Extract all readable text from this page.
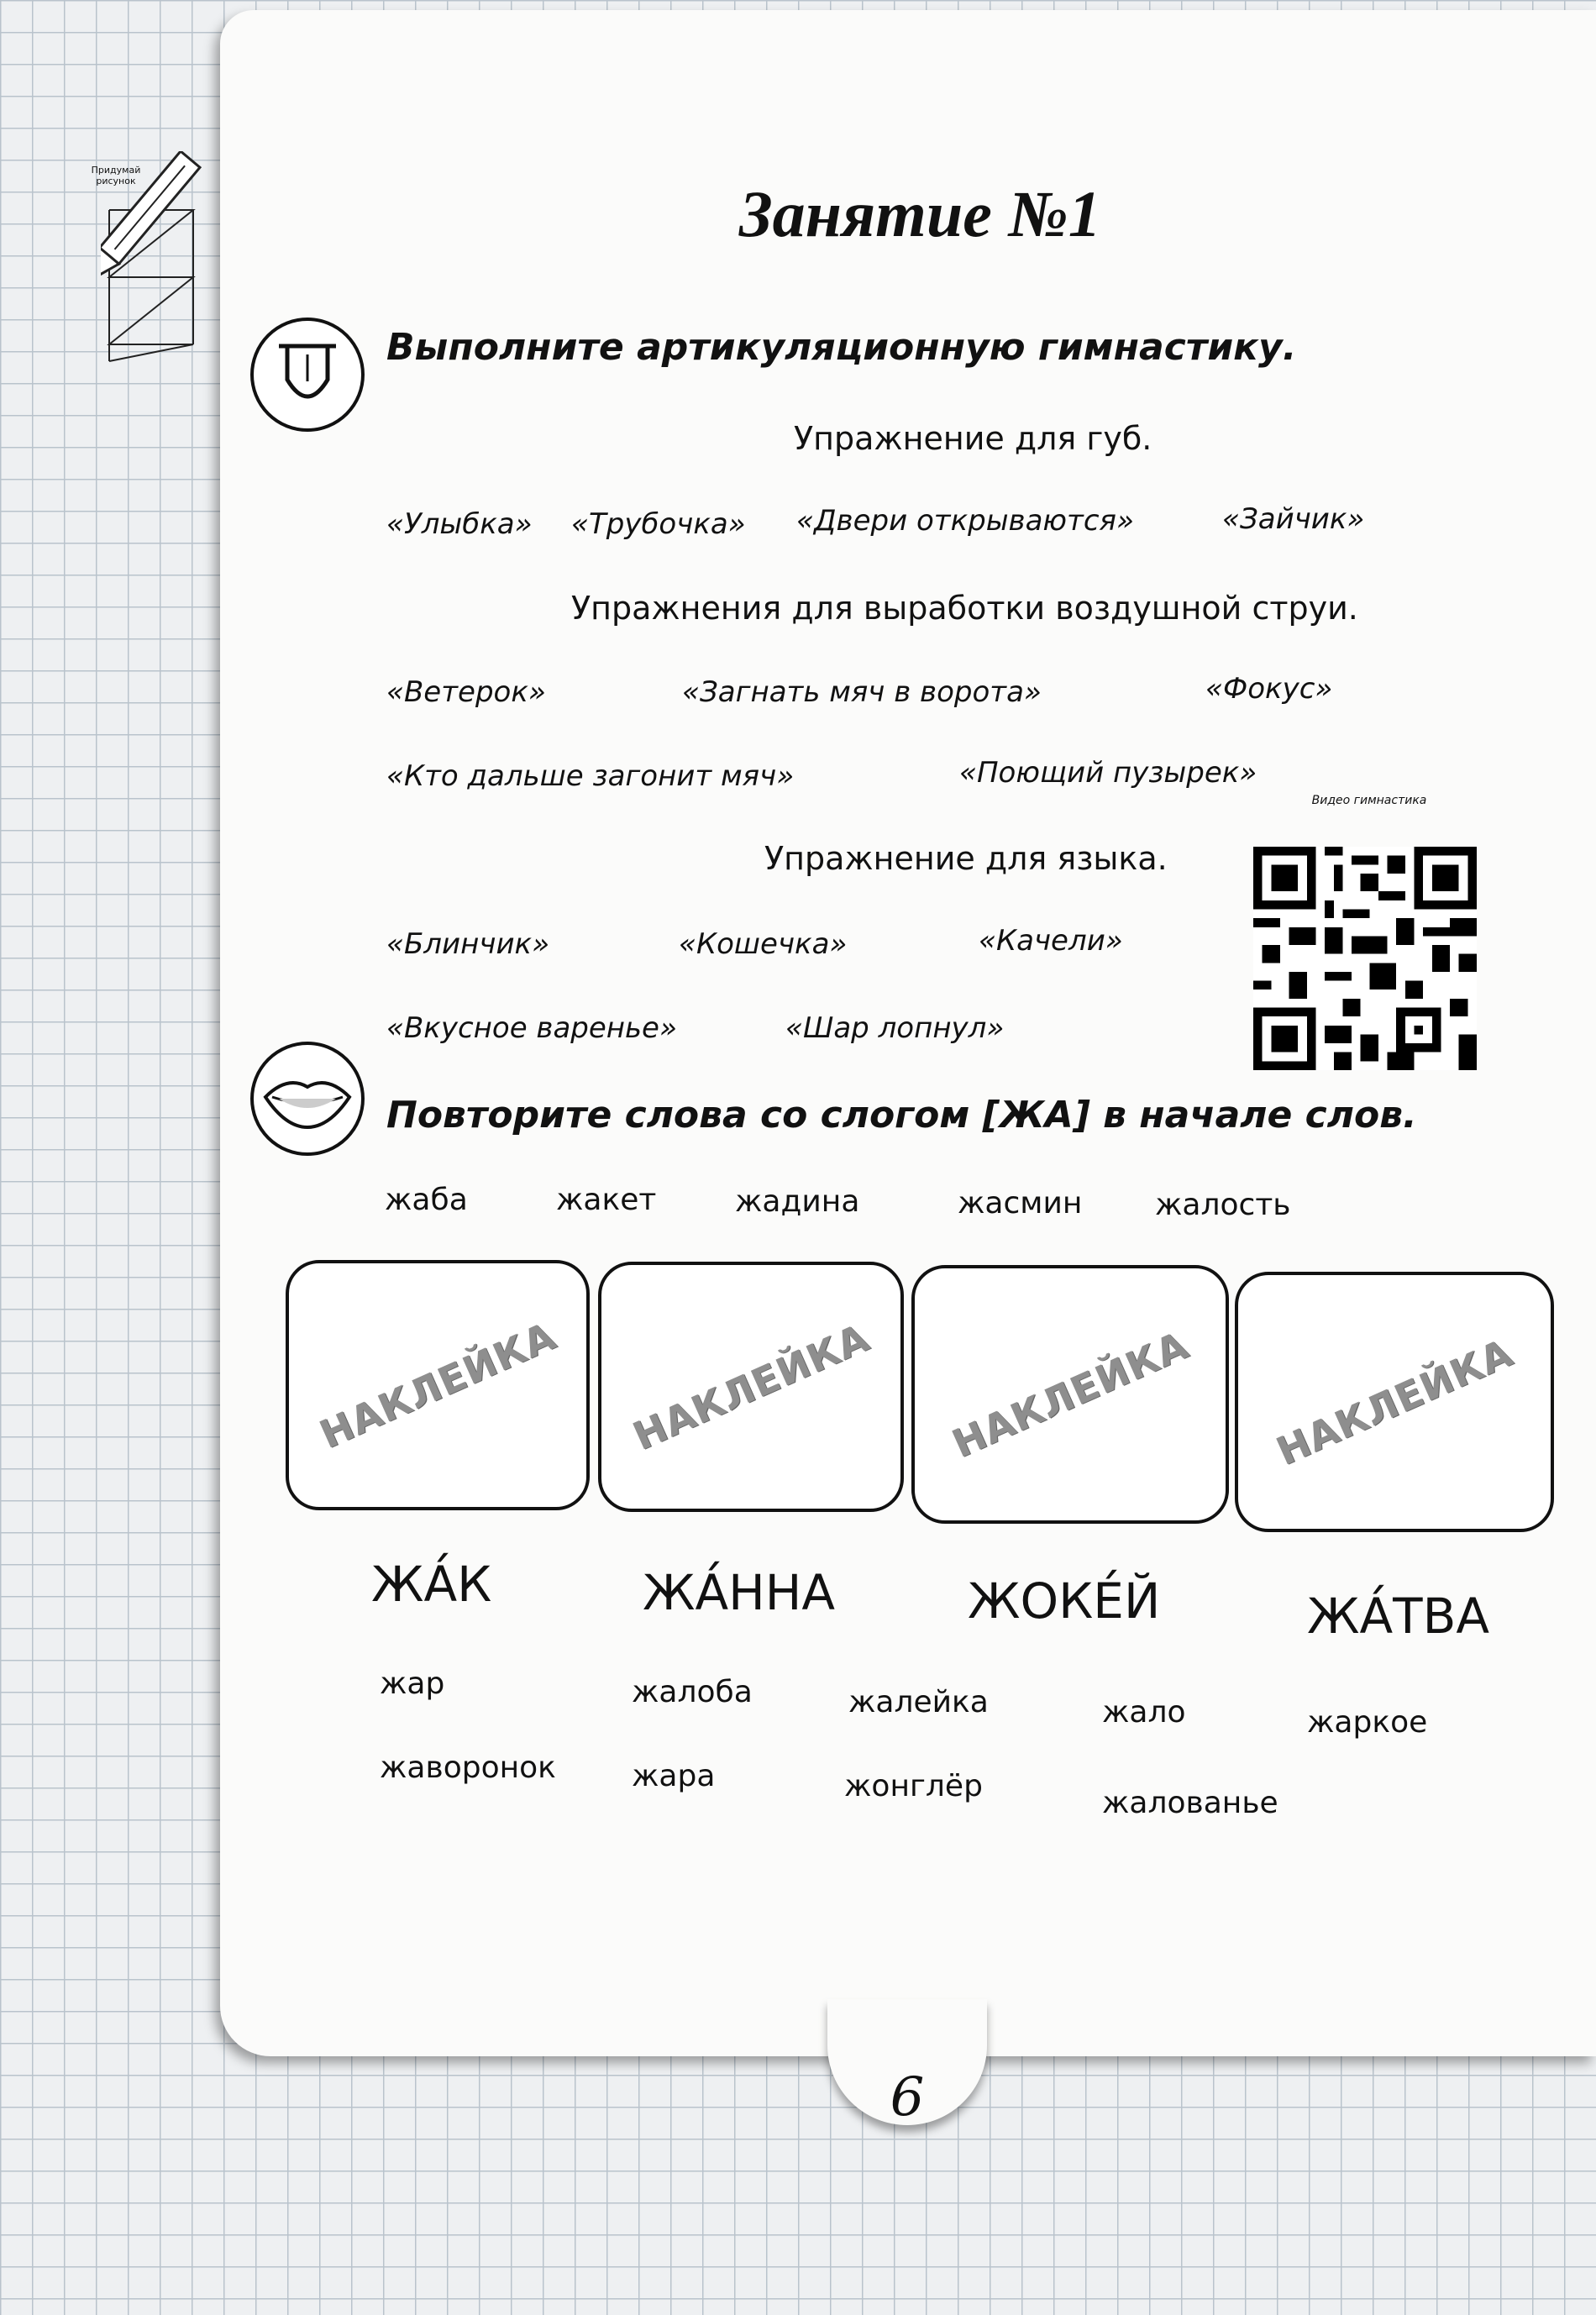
6
Придумай рисунок	Занятие №1
Выполните артикуляционную гимнастику.
Упражнение для губ.
«Улыбка» «Трубочка» «Двери открываются»	«Зайчик»
Упражнения для выработки воздушной струи.
«Ветерок»	«Загнать мяч в ворота»	«Фокус»
«Кто дальше загонит мяч»	«Поющий пузырек»
Упражнение для языка.
«Блинчик»	«Кошечка»	«Качели»
«Вкусное варенье»	«Шар лопнул»
Видео гимнастика
Повторите слова со слогом [ЖА] в начале слов.
жаба	жакет	жадина	жасмин жалость
НАКЛЕЙКА НАКЛЕЙКА НАКЛЕЙКА НАКЛЕЙКА
ЖА́К	ЖА́ННА	ЖОКЕ́Й	ЖА́ТВА
жар
жаворонок
жалоба
жара
жалейка
жонглёр
жало
жалованье
жаркое
